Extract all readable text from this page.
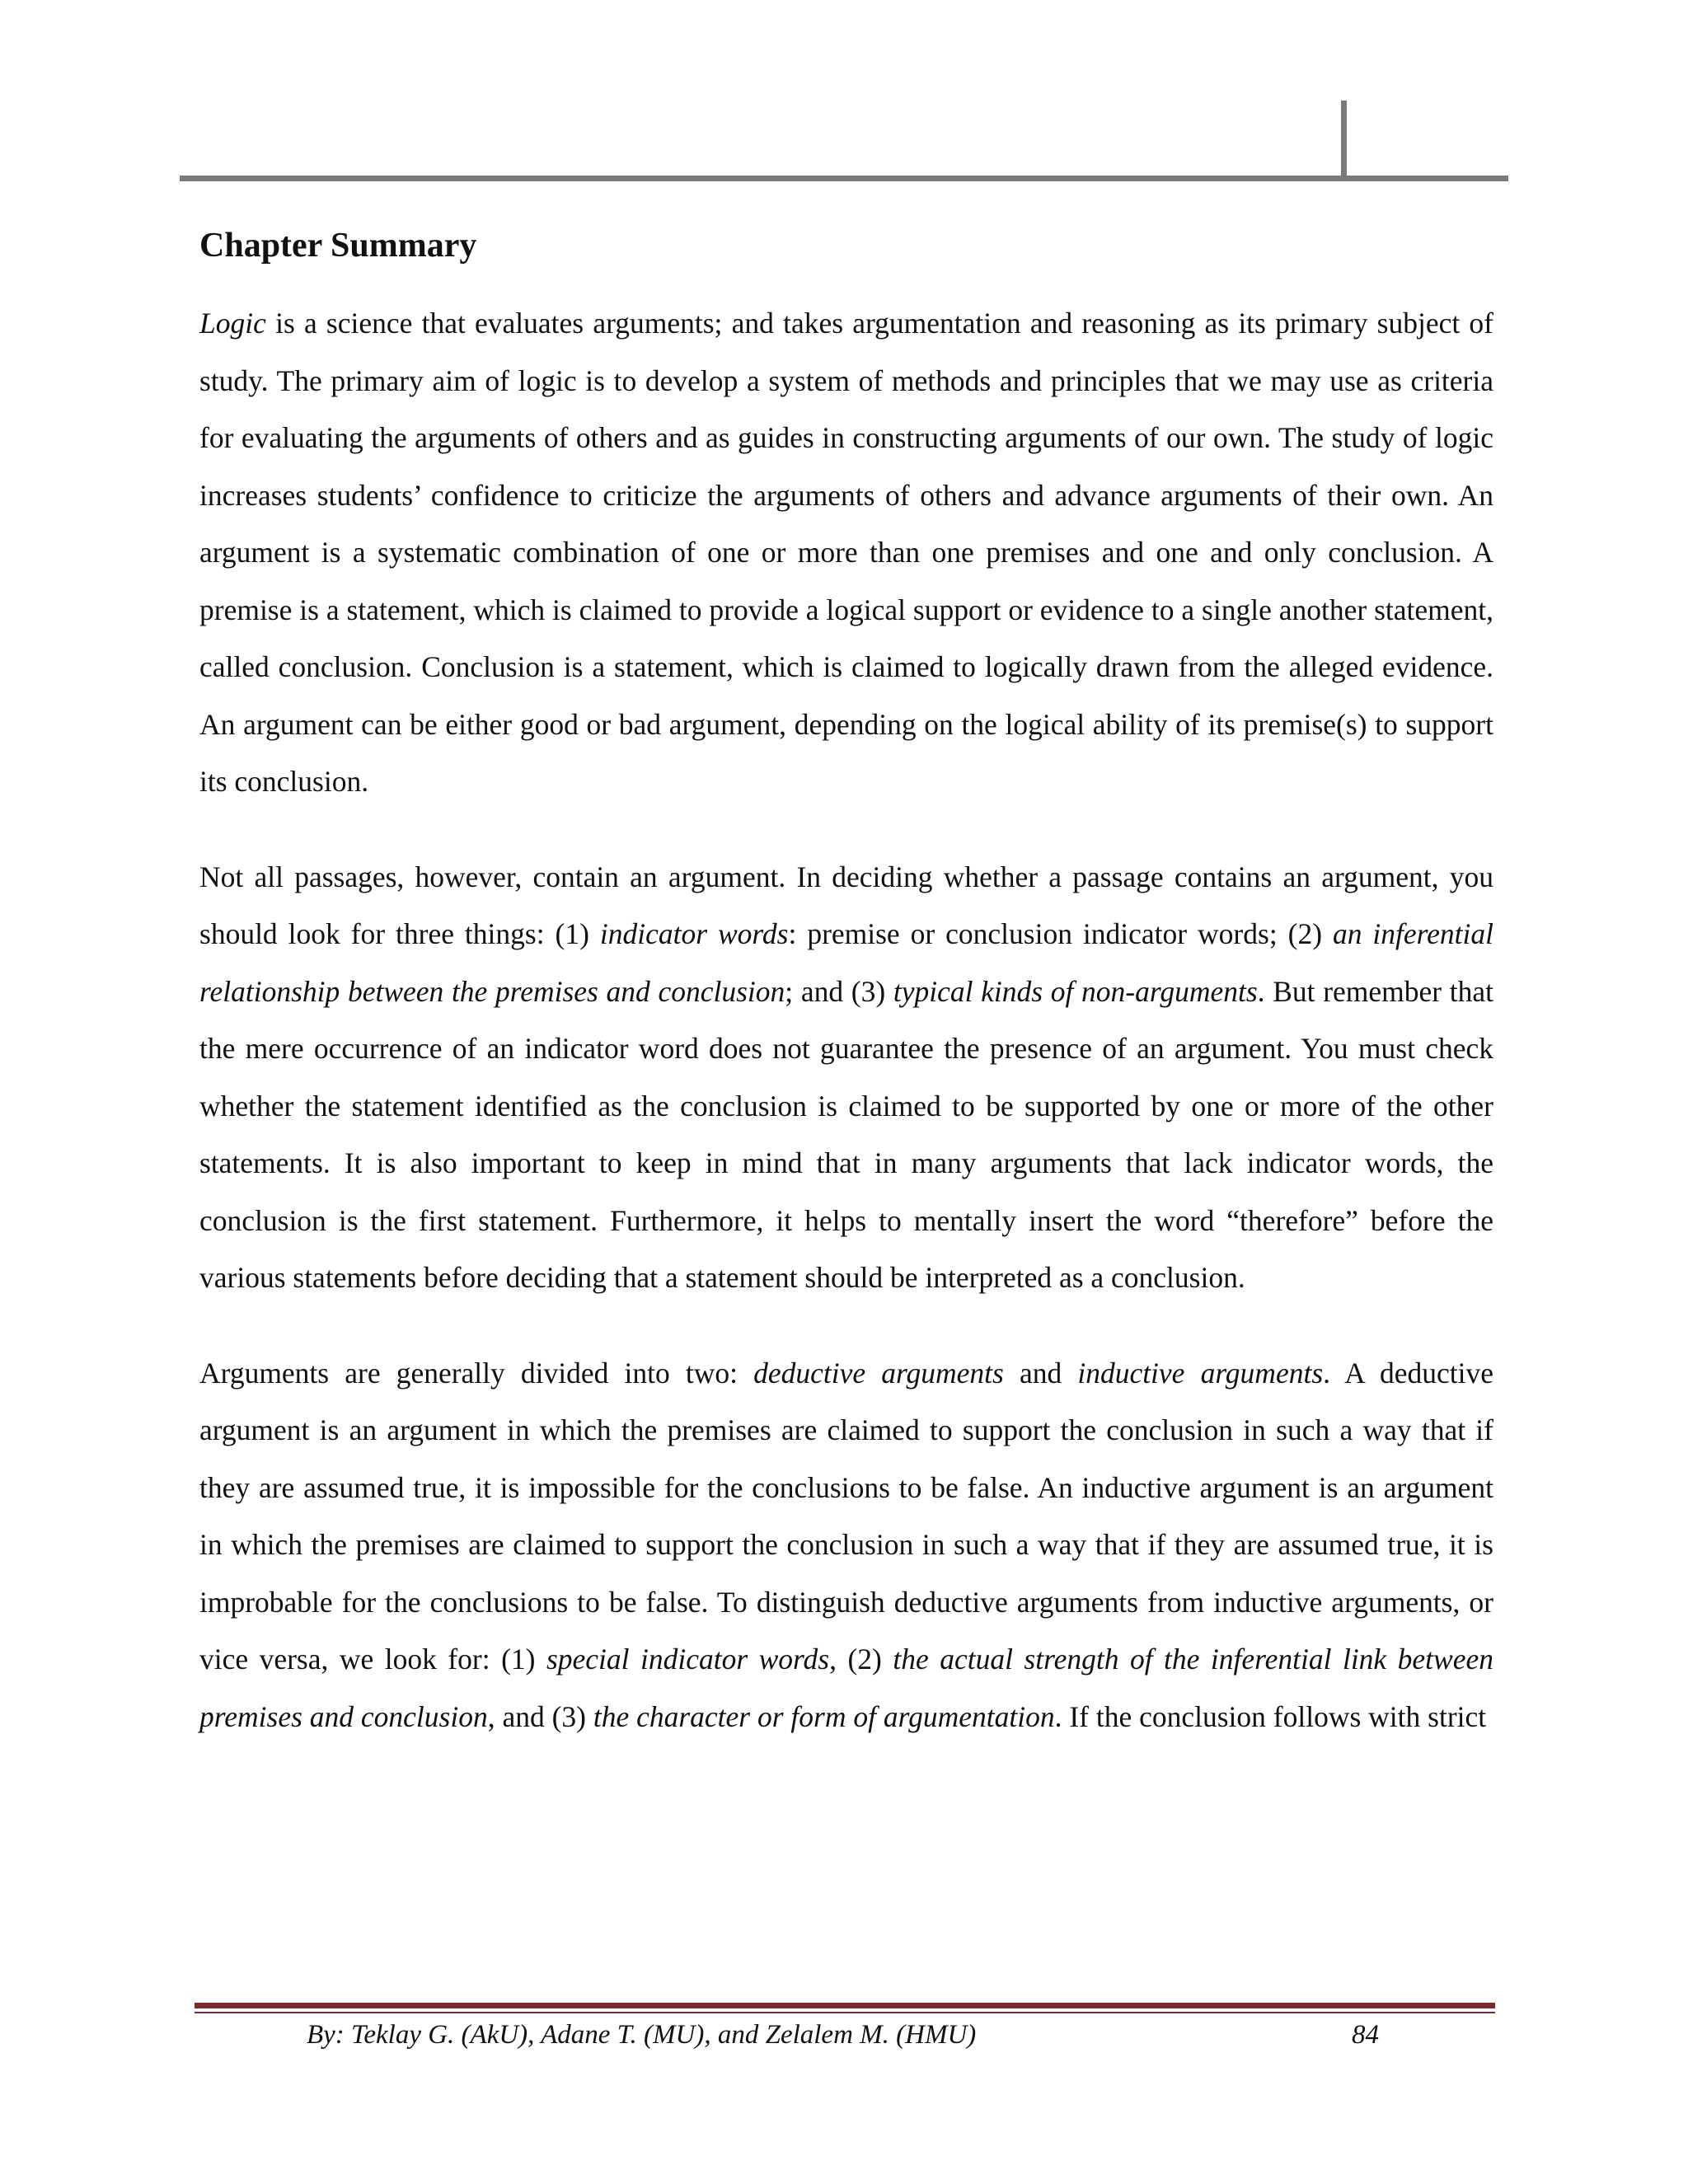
Chapter Summary

Logic is a science that evaluates arguments; and takes argumentation and reasoning as its primary subject of study. The primary aim of logic is to develop a system of methods and principles that we may use as criteria for evaluating the arguments of others and as guides in constructing arguments of our own. The study of logic increases students’ confidence to criticize the arguments of others and advance arguments of their own. An argument is a systematic combination of one or more than one premises and one and only conclusion. A premise is a statement, which is claimed to provide a logical support or evidence to a single another statement, called conclusion. Conclusion is a statement, which is claimed to logically drawn from the alleged evidence. An argument can be either good or bad argument, depending on the logical ability of its premise(s) to support its conclusion.

Not all passages, however, contain an argument. In deciding whether a passage contains an argument, you should look for three things: (1) indicator words: premise or conclusion indicator words; (2) an inferential relationship between the premises and conclusion; and (3) typical kinds of non-arguments. But remember that the mere occurrence of an indicator word does not guarantee the presence of an argument. You must check whether the statement identified as the conclusion is claimed to be supported by one or more of the other statements. It is also important to keep in mind that in many arguments that lack indicator words, the conclusion is the first statement. Furthermore, it helps to mentally insert the word “therefore” before the various statements before deciding that a statement should be interpreted as a conclusion.

Arguments are generally divided into two: deductive arguments and inductive arguments. A deductive argument is an argument in which the premises are claimed to support the conclusion in such a way that if they are assumed true, it is impossible for the conclusions to be false. An inductive argument is an argument in which the premises are claimed to support the conclusion in such a way that if they are assumed true, it is improbable for the conclusions to be false. To distinguish deductive arguments from inductive arguments, or vice versa, we look for: (1) special indicator words, (2) the actual strength of the inferential link between premises and conclusion, and (3) the character or form of argumentation. If the conclusion follows with strict

By: Teklay G. (AkU), Adane T. (MU), and Zelalem M. (HMU)	84
